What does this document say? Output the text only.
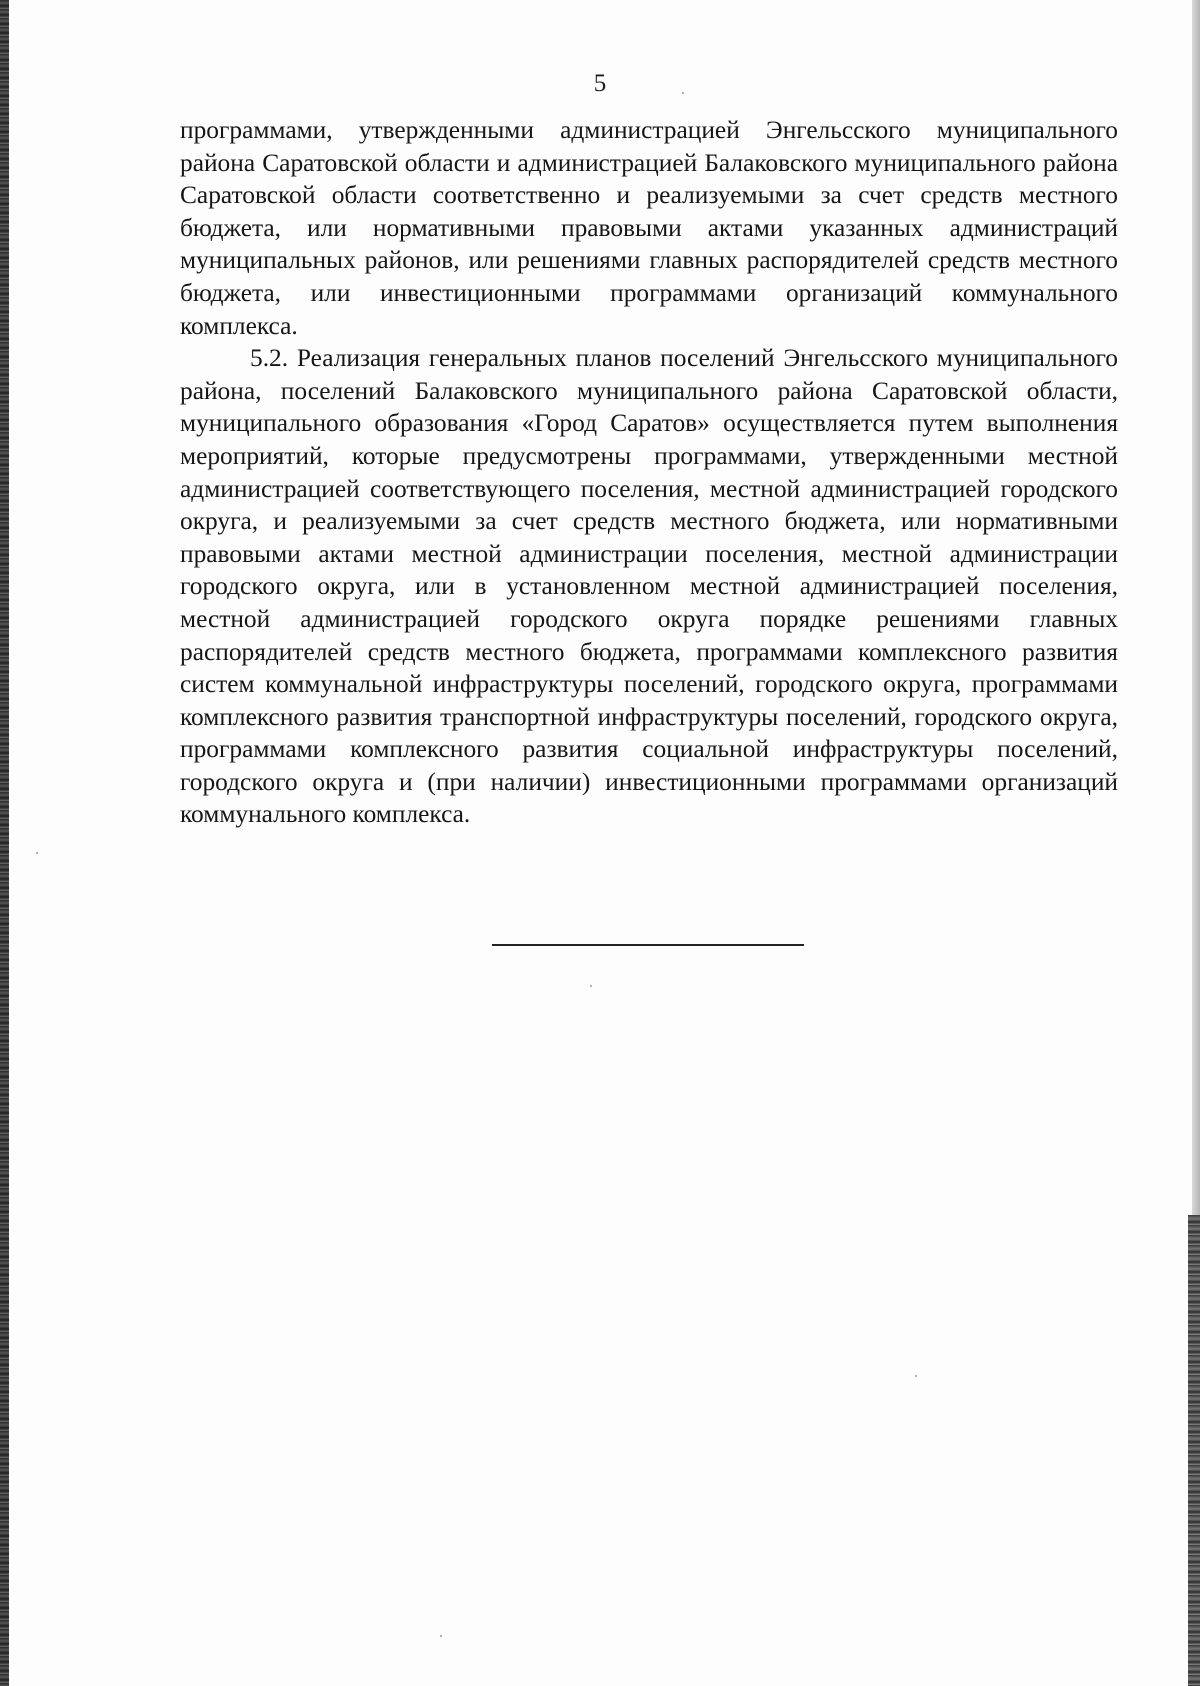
5

программами, утвержденными администрацией Энгельсского муниципального района Саратовской области и администрацией Балаковского муниципального района Саратовской области соответственно и реализуемыми за счет средств местного бюджета, или нормативными правовыми актами указанных администраций муниципальных районов, или решениями главных распорядителей средств местного бюджета, или инвестиционными программами организаций коммунального комплекса.

5.2. Реализация генеральных планов поселений Энгельсского муниципального района, поселений Балаковского муниципального района Саратовской области, муниципального образования «Город Саратов» осуществляется путем выполнения мероприятий, которые предусмотрены программами, утвержденными местной администрацией соответствующего поселения, местной администрацией городского округа, и реализуемыми за счет средств местного бюджета, или нормативными правовыми актами местной администрации поселения, местной администрации городского округа, или в установленном местной администрацией поселения, местной администрацией городского округа порядке решениями главных распорядителей средств местного бюджета, программами комплексного развития систем коммунальной инфраструктуры поселений, городского округа, программами комплексного развития транспортной инфраструктуры поселений, городского округа, программами комплексного развития социальной инфраструктуры поселений, городского округа и (при наличии) инвестиционными программами организаций коммунального комплекса.
